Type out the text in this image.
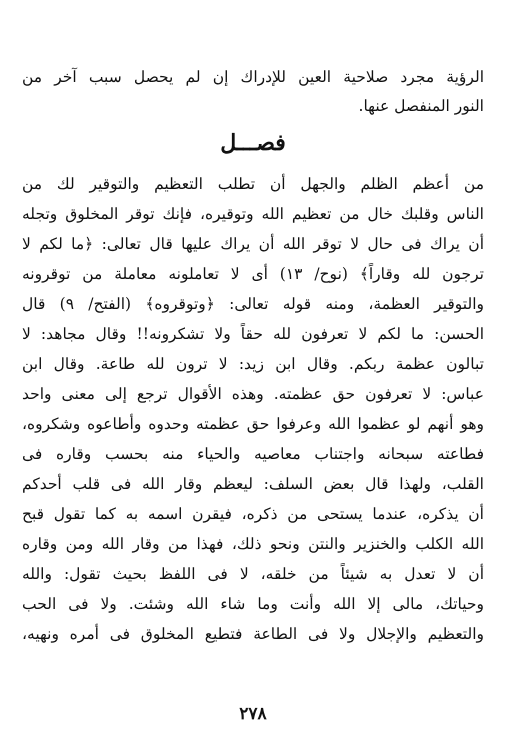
الرؤية مجرد صلاحية العين للإدراك إن لم يحصل سبب آخر من
النور المنفصل عنها.
فصـــل
من أعظم الظلم والجهل أن تطلب التعظيم والتوقير لك من
الناس وقلبك خال من تعظيم الله وتوقيره، فإنك توقر المخلوق وتجله
أن يراك فى حال لا توقر الله أن يراك عليها قال تعالى: ﴿ما لكم لا
ترجون لله وقاراً﴾ (نوح/ ١٣) أى لا تعاملونه معاملة من توقرونه
والتوقير العظمة، ومنه قوله تعالى: ﴿وتوقروه﴾ (الفتح/ ٩) قال
الحسن: ما لكم لا تعرفون لله حقاً ولا تشكرونه!! وقال مجاهد: لا
تبالون عظمة ربكم. وقال ابن زيد: لا ترون لله طاعة. وقال ابن
عباس: لا تعرفون حق عظمته. وهذه الأقوال ترجع إلى معنى واحد
وهو أنهم لو عظموا الله وعرفوا حق عظمته وحدوه وأطاعوه وشكروه،
فطاعته سبحانه واجتناب معاصيه والحياء منه بحسب وقاره فى
القلب، ولهذا قال بعض السلف: ليعظم وقار الله فى قلب أحدكم
أن يذكره، عندما يستحى من ذكره، فيقرن اسمه به كما تقول قبح
الله الكلب والخنزير والنتن ونحو ذلك، فهذا من وقار الله ومن وقاره
أن لا تعدل به شيئاً من خلقه، لا فى اللفظ بحيث تقول: والله
وحياتك، مالى إلا الله وأنت وما شاء الله وشئت. ولا فى الحب
والتعظيم والإجلال ولا فى الطاعة فتطيع المخلوق فى أمره ونهيه،
٢٧٨
